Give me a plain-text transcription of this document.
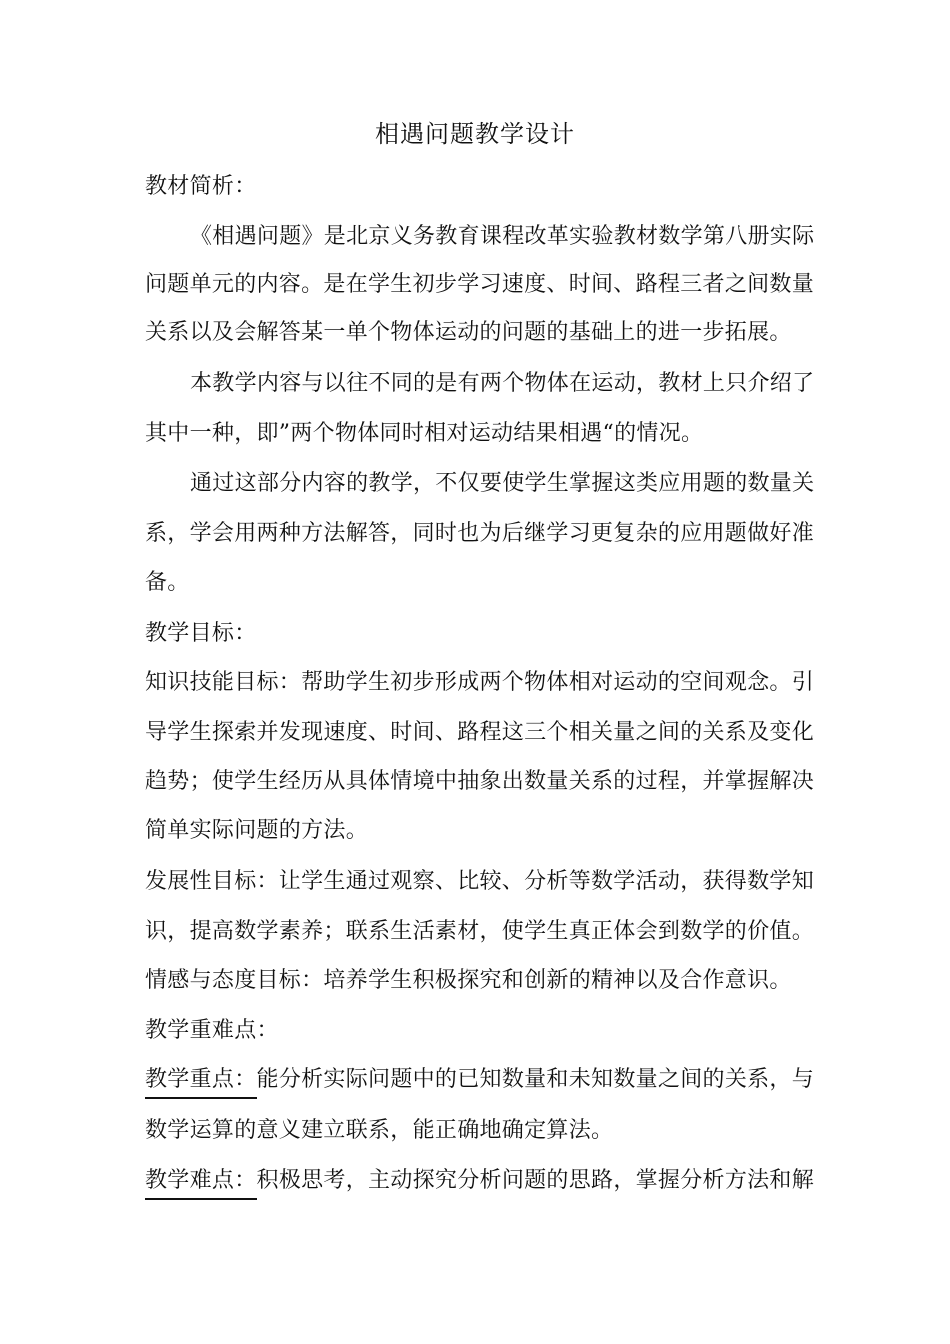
相遇问题教学设计
教材简析：
《相遇问题》是北京义务教育课程改革实验教材数学第八册实际
问题单元的内容。是在学生初步学习速度、时间、路程三者之间数量
关系以及会解答某一单个物体运动的问题的基础上的进一步拓展。
本教学内容与以往不同的是有两个物体在运动，教材上只介绍了
其中一种，即”两个物体同时相对运动结果相遇“的情况。
通过这部分内容的教学，不仅要使学生掌握这类应用题的数量关
系，学会用两种方法解答，同时也为后继学习更复杂的应用题做好准
备。
教学目标：
知识技能目标：帮助学生初步形成两个物体相对运动的空间观念。引
导学生探索并发现速度、时间、路程这三个相关量之间的关系及变化
趋势；使学生经历从具体情境中抽象出数量关系的过程，并掌握解决
简单实际问题的方法。
发展性目标：让学生通过观察、比较、分析等数学活动，获得数学知
识，提高数学素养；联系生活素材，使学生真正体会到数学的价值。
情感与态度目标：培养学生积极探究和创新的精神以及合作意识。
教学重难点：
教学重点：能分析实际问题中的已知数量和未知数量之间的关系，与
数学运算的意义建立联系，能正确地确定算法。
教学难点：积极思考，主动探究分析问题的思路，掌握分析方法和解
